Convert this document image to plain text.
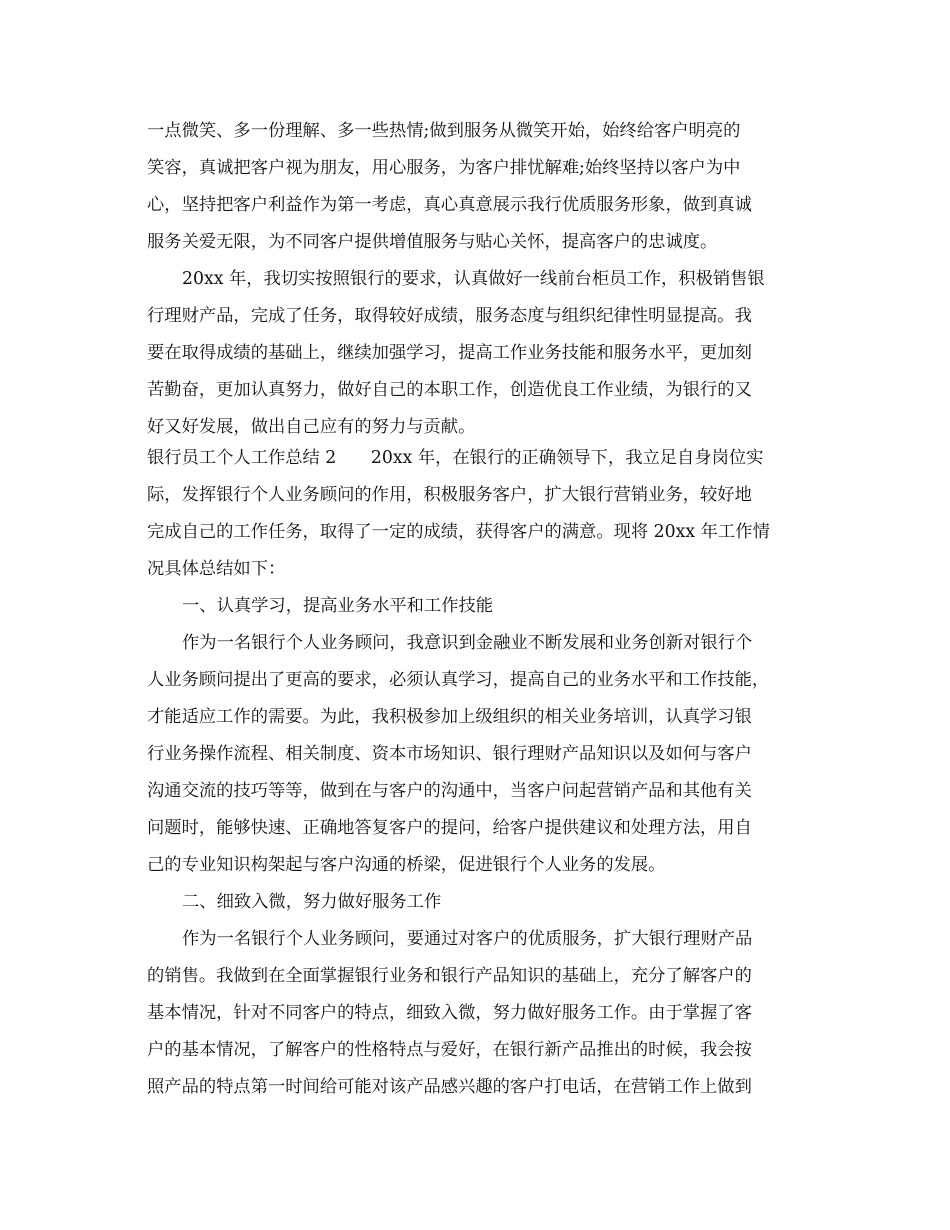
一点微笑、多一份理解、多一些热情;做到服务从微笑开始，始终给客户明亮的
笑容，真诚把客户视为朋友，用心服务，为客户排忧解难;始终坚持以客户为中
心，坚持把客户利益作为第一考虑，真心真意展示我行优质服务形象，做到真诚
服务关爱无限，为不同客户提供增值服务与贴心关怀，提高客户的忠诚度。
20xx 年，我切实按照银行的要求，认真做好一线前台柜员工作，积极销售银
行理财产品，完成了任务，取得较好成绩，服务态度与组织纪律性明显提高。我
要在取得成绩的基础上，继续加强学习，提高工作业务技能和服务水平，更加刻
苦勤奋，更加认真努力，做好自己的本职工作，创造优良工作业绩，为银行的又
好又好发展，做出自己应有的努力与贡献。
银行员工个人工作总结 2　　20xx 年，在银行的正确领导下，我立足自身岗位实
际，发挥银行个人业务顾问的作用，积极服务客户，扩大银行营销业务，较好地
完成自己的工作任务，取得了一定的成绩，获得客户的满意。现将 20xx 年工作情
况具体总结如下：
一、认真学习，提高业务水平和工作技能
作为一名银行个人业务顾问，我意识到金融业不断发展和业务创新对银行个
人业务顾问提出了更高的要求，必须认真学习，提高自己的业务水平和工作技能，
才能适应工作的需要。为此，我积极参加上级组织的相关业务培训，认真学习银
行业务操作流程、相关制度、资本市场知识、银行理财产品知识以及如何与客户
沟通交流的技巧等等，做到在与客户的沟通中，当客户问起营销产品和其他有关
问题时，能够快速、正确地答复客户的提问，给客户提供建议和处理方法，用自
己的专业知识构架起与客户沟通的桥梁，促进银行个人业务的发展。
二、细致入微，努力做好服务工作
作为一名银行个人业务顾问，要通过对客户的优质服务，扩大银行理财产品
的销售。我做到在全面掌握银行业务和银行产品知识的基础上，充分了解客户的
基本情况，针对不同客户的特点，细致入微，努力做好服务工作。由于掌握了客
户的基本情况，了解客户的性格特点与爱好，在银行新产品推出的时候，我会按
照产品的特点第一时间给可能对该产品感兴趣的客户打电话，在营销工作上做到
